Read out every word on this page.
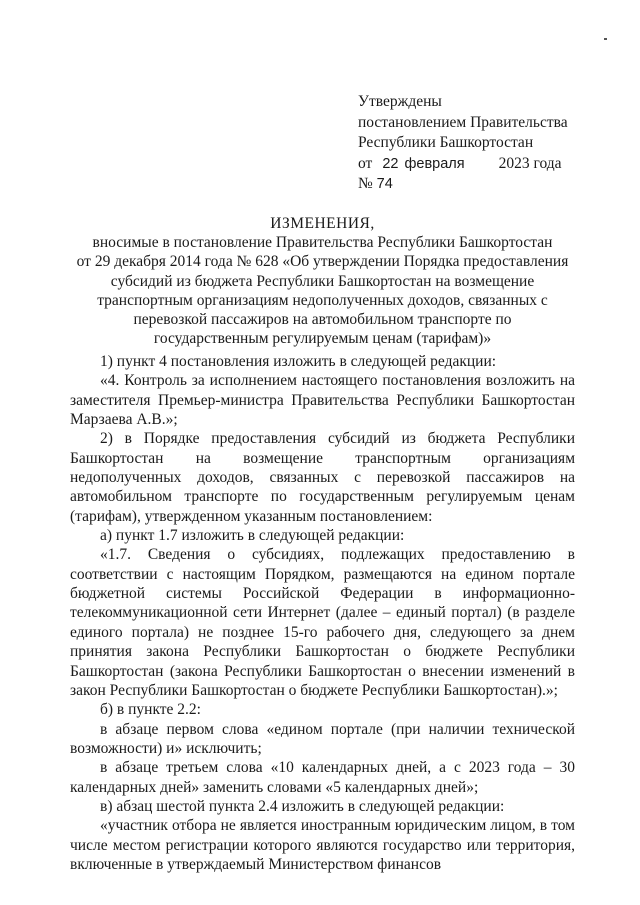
Утверждены
постановлением Правительства
Республики Башкортостан
от 22 февраля 2023 года
№ 74
ИЗМЕНЕНИЯ,
вносимые в постановление Правительства Республики Башкортостан
от 29 декабря 2014 года № 628 «Об утверждении Порядка предоставления
субсидий из бюджета Республики Башкортостан на возмещение
транспортным организациям недополученных доходов, связанных с
перевозкой пассажиров на автомобильном транспорте по
государственным регулируемым ценам (тарифам)»

1) пункт 4 постановления изложить в следующей редакции:

«4. Контроль за исполнением настоящего постановления возложить на заместителя Премьер-министра Правительства Республики Башкортостан Марзаева А.В.»;

2) в Порядке предоставления субсидий из бюджета Республики Башкортостан на возмещение транспортным организациям недополученных доходов, связанных с перевозкой пассажиров на автомобильном транспорте по государственным регулируемым ценам (тарифам), утвержденном указанным постановлением:

а) пункт 1.7 изложить в следующей редакции:

«1.7. Сведения о субсидиях, подлежащих предоставлению в соответствии с настоящим Порядком, размещаются на едином портале бюджетной системы Российской Федерации в информационно-телекоммуникационной сети Интернет (далее – единый портал) (в разделе единого портала) не позднее 15-го рабочего дня, следующего за днем принятия закона Республики Башкортостан о бюджете Республики Башкортостан (закона Республики Башкортостан о внесении изменений в закон Республики Башкортостан о бюджете Республики Башкортостан).»;

б) в пункте 2.2:

в абзаце первом слова «едином портале (при наличии технической возможности) и» исключить;

в абзаце третьем слова «10 календарных дней, а с 2023 года – 30 календарных дней» заменить словами «5 календарных дней»;

в) абзац шестой пункта 2.4 изложить в следующей редакции:

«участник отбора не является иностранным юридическим лицом, в том числе местом регистрации которого являются государство или территория, включенные в утверждаемый Министерством финансов
